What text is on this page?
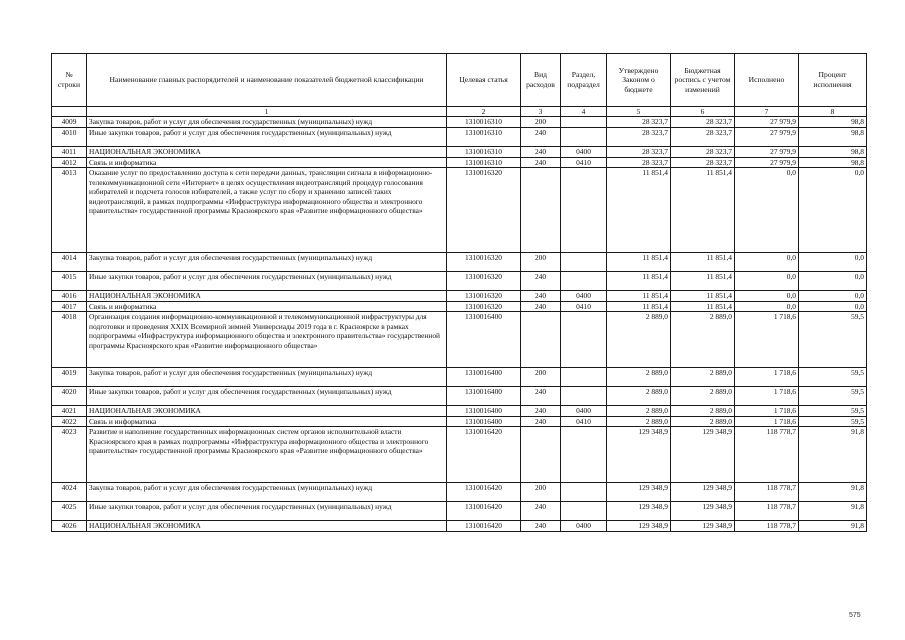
№ строки	Наименование главных распорядителей и наименование показателей бюджетной классификации	Целевая статья	Вид расходов	Раздел, подраздел	Утверждено Законом о бюджете	Бюджетная роспись с учетом изменений	Исполнено	Процент исполнения
	1	2	3	4	5	6	7	8
4009	Закупка товаров, работ и услуг для обеспечения государственных (муниципальных) нужд	1310016310	200		28 323,7	28 323,7	27 979,9	98,8
4010	Иные закупки товаров, работ и услуг для обеспечения государственных (муниципальных) нужд	1310016310	240		28 323,7	28 323,7	27 979,9	98,8
4011	НАЦИОНАЛЬНАЯ ЭКОНОМИКА	1310016310	240	0400	28 323,7	28 323,7	27 979,9	98,8
4012	Связь и информатика	1310016310	240	0410	28 323,7	28 323,7	27 979,9	98,8
4013	Оказание услуг по предоставлению доступа к сети передачи данных, трансляции сигнала в информационно-телекоммуникационной сети «Интернет» в целях осуществления видеотрансляций процедур голосования избирателей и подсчета голосов избирателей, а также услуг по сбору и хранению записей таких видеотрансляций, в рамках подпрограммы «Инфраструктура информационного общества и электронного правительства» государственной программы Красноярского края «Развитие информационного общества»	1310016320			11 851,4	11 851,4	0,0	0,0
4014	Закупка товаров, работ и услуг для обеспечения государственных (муниципальных) нужд	1310016320	200		11 851,4	11 851,4	0,0	0,0
4015	Иные закупки товаров, работ и услуг для обеспечения государственных (муниципальных) нужд	1310016320	240		11 851,4	11 851,4	0,0	0,0
4016	НАЦИОНАЛЬНАЯ ЭКОНОМИКА	1310016320	240	0400	11 851,4	11 851,4	0,0	0,0
4017	Связь и информатика	1310016320	240	0410	11 851,4	11 851,4	0,0	0,0
4018	Организация создания информационно-коммуникационной и телекоммуникационной инфраструктуры для подготовки и проведения XXIX Всемирной зимней Универсиады 2019 года в г. Красноярске в рамках подпрограммы «Инфраструктура информационного общества и электронного правительства» государственной программы Красноярского края «Развитие информационного общества»	1310016400			2 889,0	2 889,0	1 718,6	59,5
4019	Закупка товаров, работ и услуг для обеспечения государственных (муниципальных) нужд	1310016400	200		2 889,0	2 889,0	1 718,6	59,5
4020	Иные закупки товаров, работ и услуг для обеспечения государственных (муниципальных) нужд	1310016400	240		2 889,0	2 889,0	1 718,6	59,5
4021	НАЦИОНАЛЬНАЯ ЭКОНОМИКА	1310016400	240	0400	2 889,0	2 889,0	1 718,6	59,5
4022	Связь и информатика	1310016400	240	0410	2 889,0	2 889,0	1 718,6	59,5
4023	Развитие и наполнение государственных информационных систем органов исполнительной власти Красноярского края в рамках подпрограммы «Инфраструктура информационного общества и электронного правительства» государственной программы Красноярского края «Развитие информационного общества»	1310016420			129 348,9	129 348,9	118 778,7	91,8
4024	Закупка товаров, работ и услуг для обеспечения государственных (муниципальных) нужд	1310016420	200		129 348,9	129 348,9	118 778,7	91,8
4025	Иные закупки товаров, работ и услуг для обеспечения государственных (муниципальных) нужд	1310016420	240		129 348,9	129 348,9	118 778,7	91,8
4026	НАЦИОНАЛЬНАЯ ЭКОНОМИКА	1310016420	240	0400	129 348,9	129 348,9	118 778,7	91,8
575
